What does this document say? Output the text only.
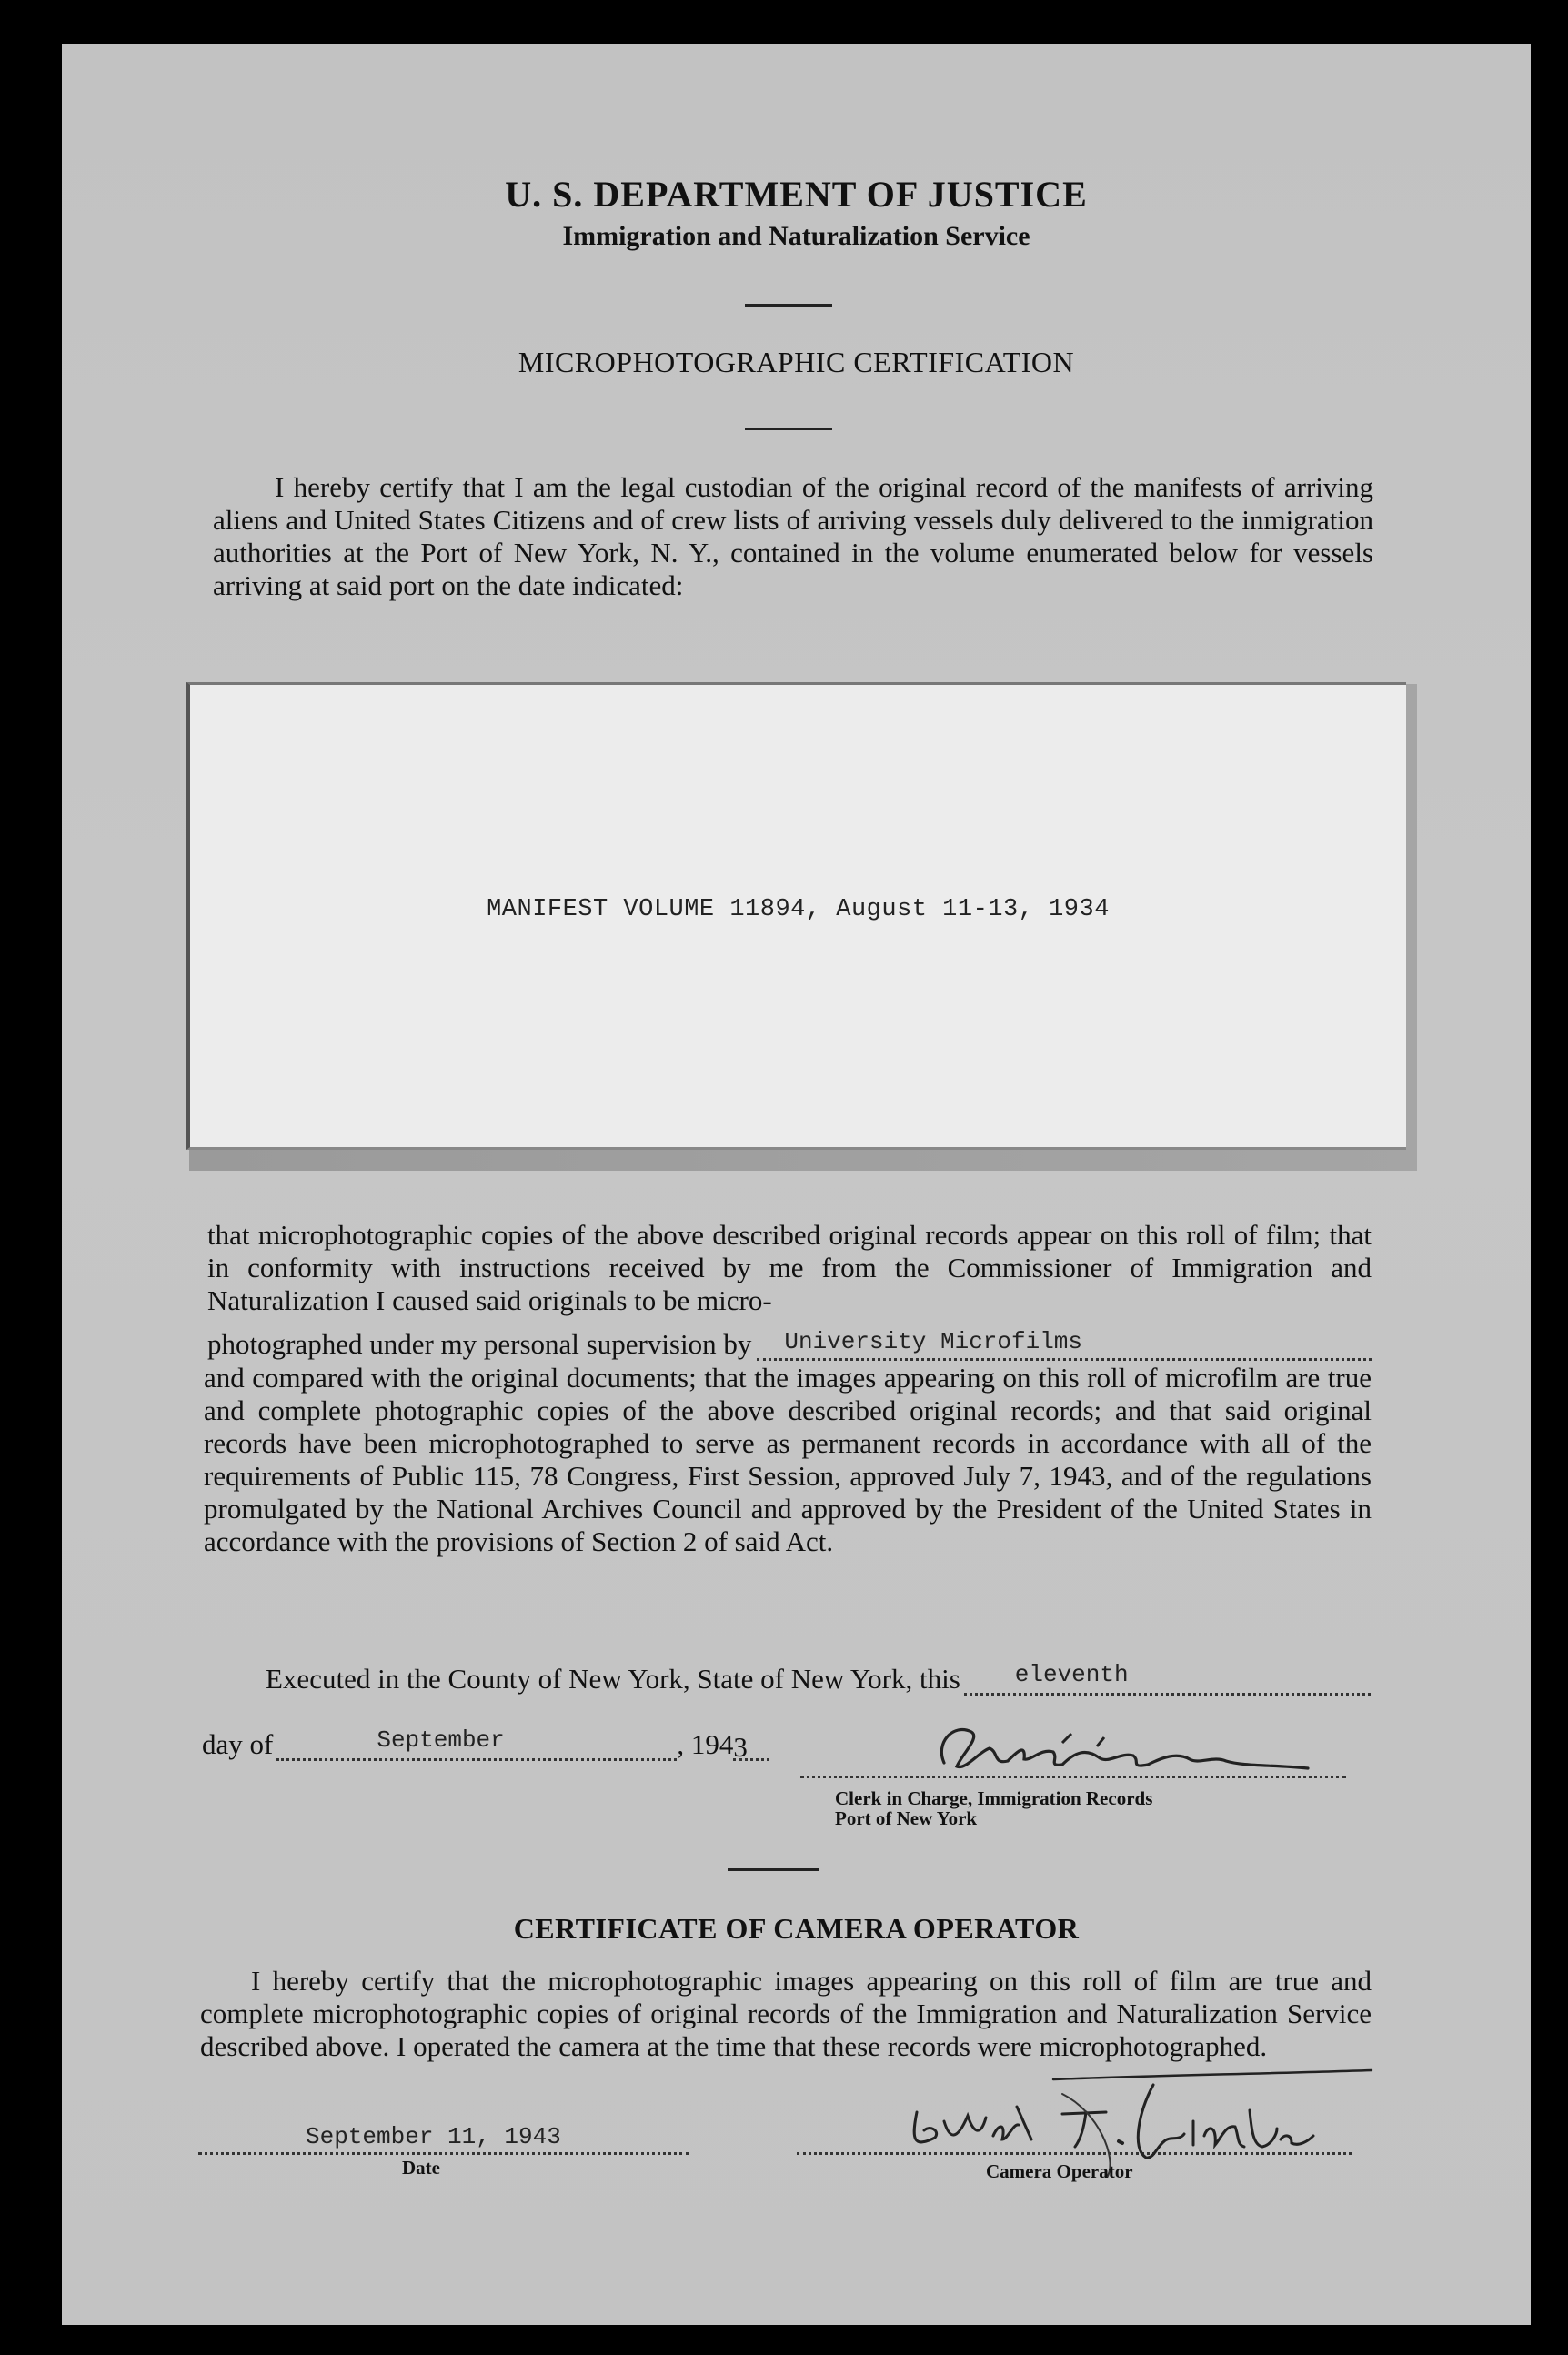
U. S. DEPARTMENT OF JUSTICE
Immigration and Naturalization Service
MICROPHOTOGRAPHIC CERTIFICATION
I hereby certify that I am the legal custodian of the original record of the manifests of arriving aliens and United States Citizens and of crew lists of arriving vessels duly delivered to the inmigration authorities at the Port of New York, N. Y., contained in the volume enumerated below for vessels arriving at said port on the date indicated:
MANIFEST VOLUME 11894, August 11-13, 1934
that microphotographic copies of the above described original records appear on this roll of film; that in conformity with instructions received by me from the Commissioner of Immigration and Naturalization I caused said originals to be micro-
photographed under my personal supervision by University Microfilms
and compared with the original documents; that the images appearing on this roll of microfilm are true and complete photographic copies of the above described original records; and that said original records have been microphotographed to serve as permanent records in accordance with all of the requirements of Public 115, 78 Congress, First Session, approved July 7, 1943, and of the regulations promulgated by the National Archives Council and approved by the President of the United States in accordance with the provisions of Section 2 of said Act.
Executed in the County of New York, State of New York, this eleventh
day of	September	, 194 3
Clerk in Charge, Immigration Records
Port of New York
CERTIFICATE OF CAMERA OPERATOR
I hereby certify that the microphotographic images appearing on this roll of film are true and complete microphotographic copies of original records of the Immigration and Naturalization Service described above. I operated the camera at the time that these records were microphotographed.
September 11, 1943
Date	Camera Operator
